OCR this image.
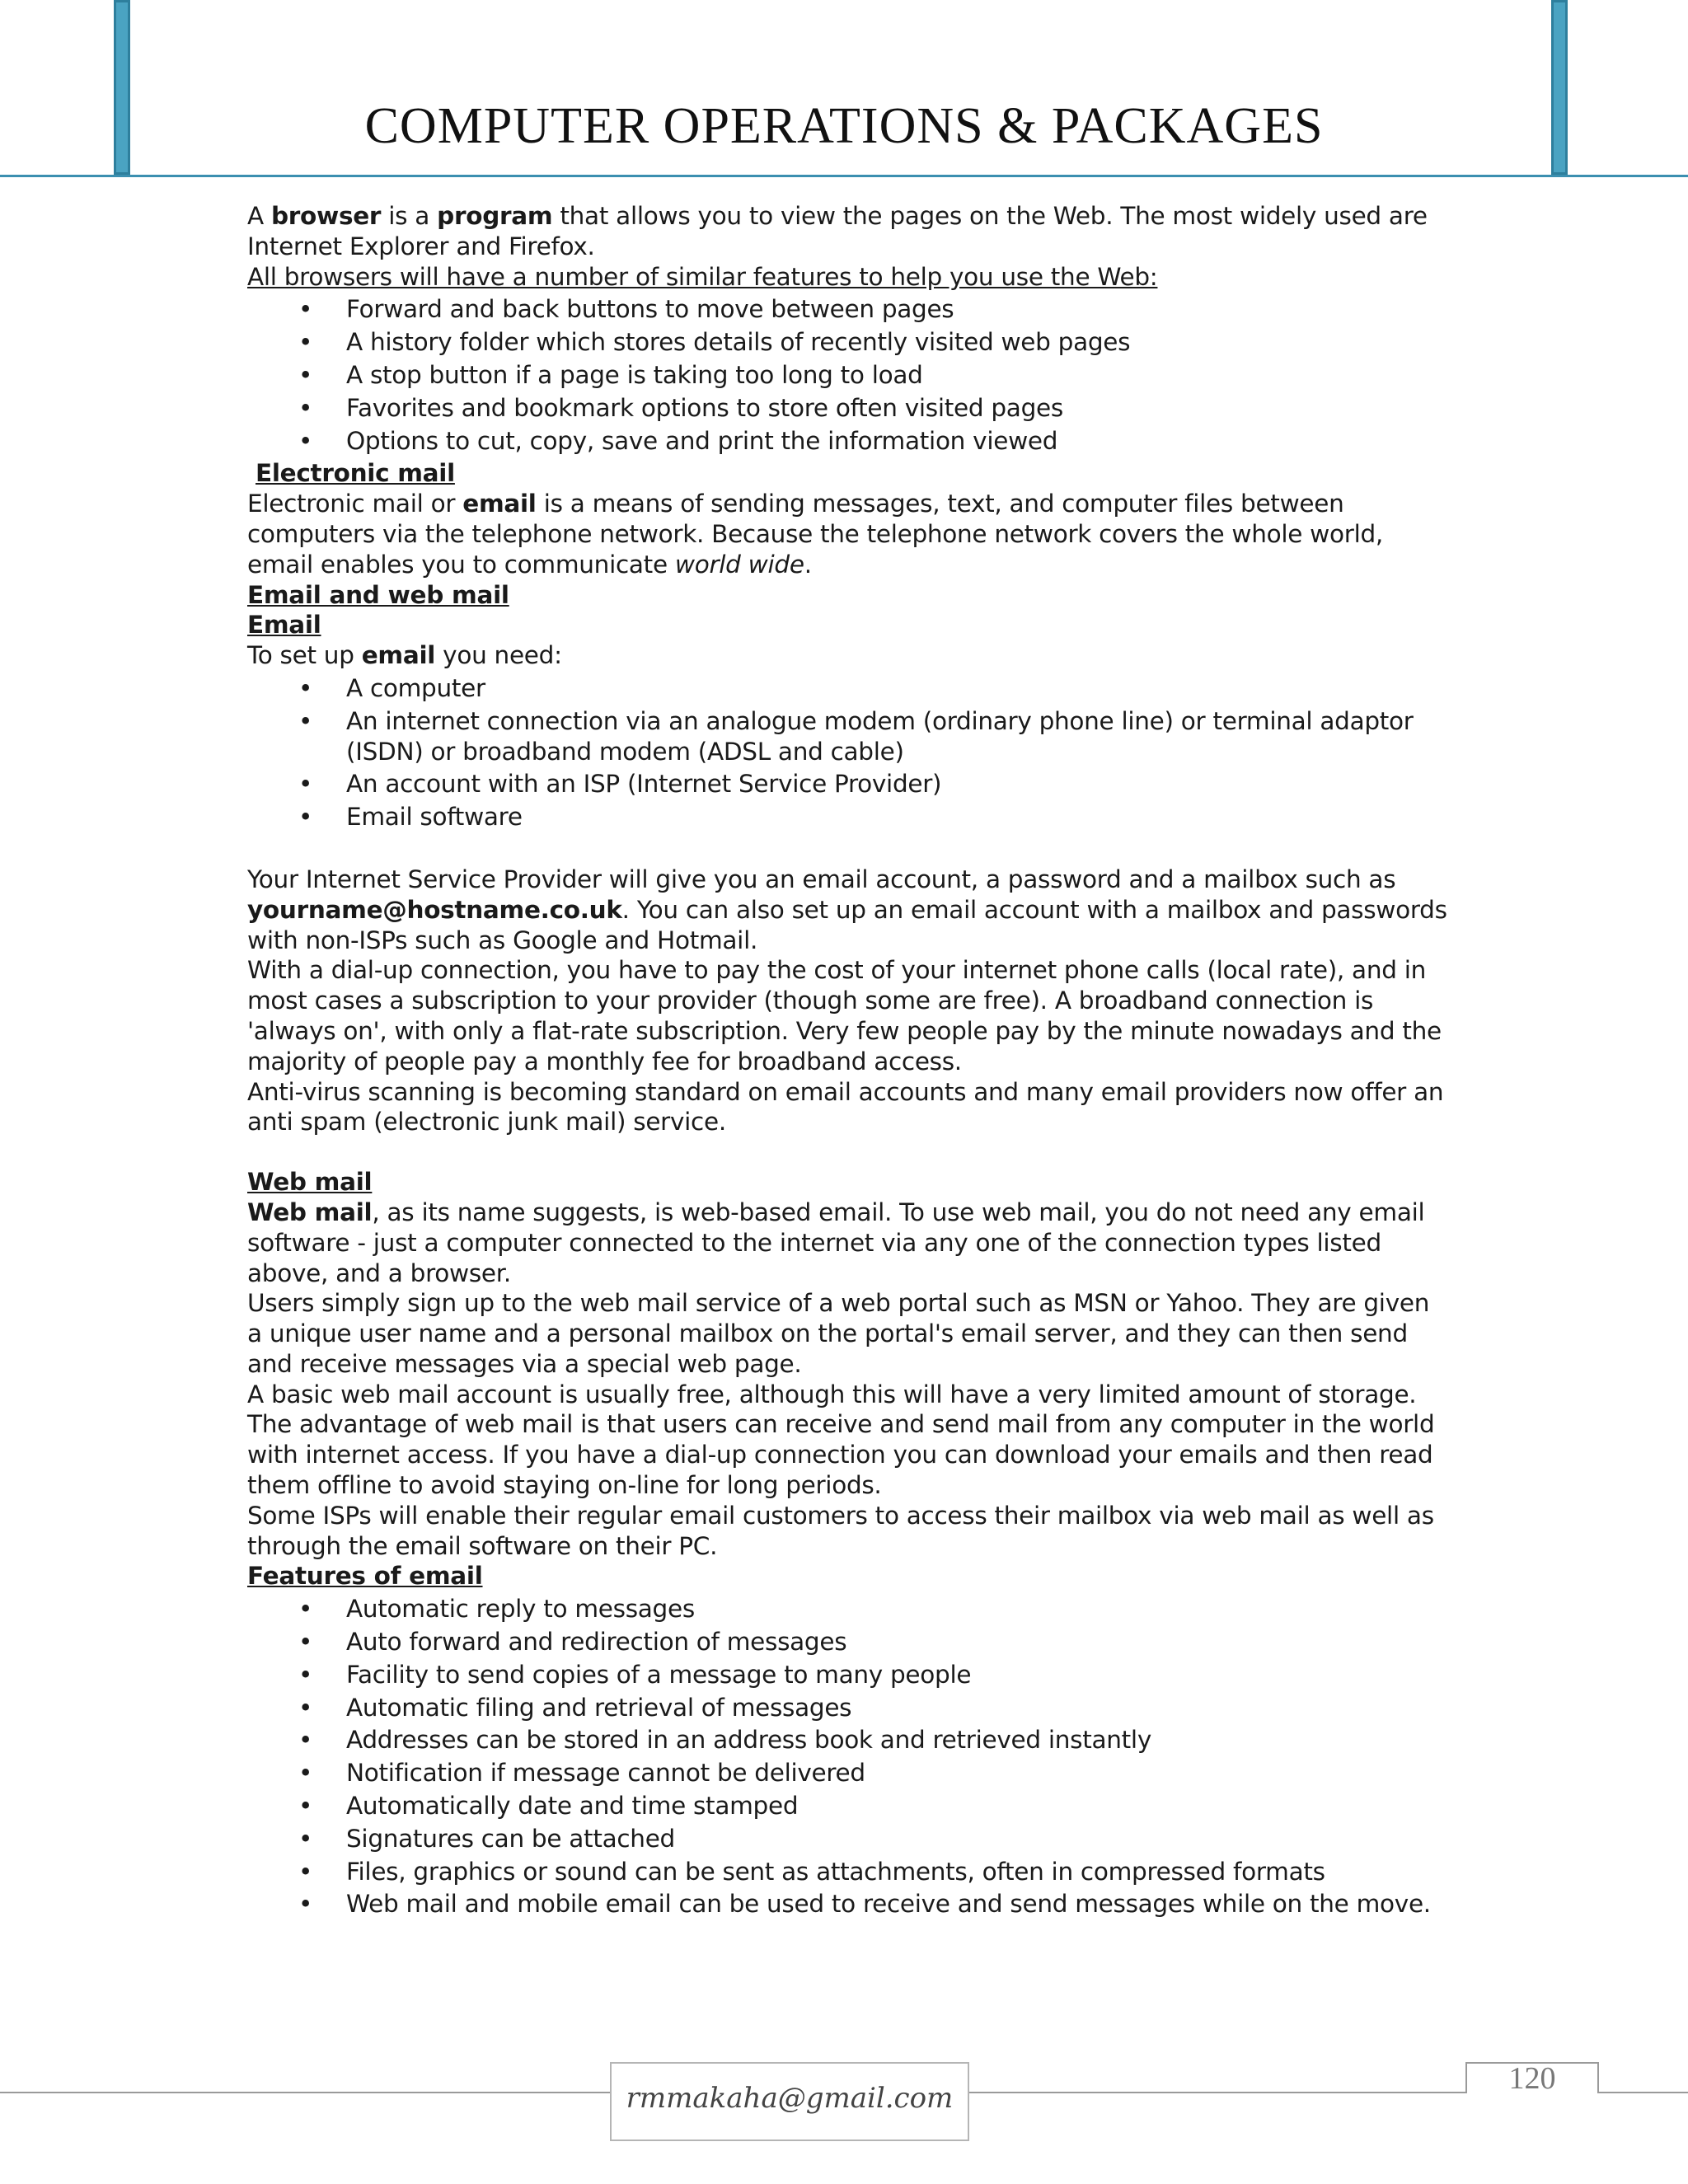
COMPUTER OPERATIONS & PACKAGES

A browser is a program that allows you to view the pages on the Web. The most widely used are Internet Explorer and Firefox.

All browsers will have a number of similar features to help you use the Web:

• Forward and back buttons to move between pages
• A history folder which stores details of recently visited web pages
• A stop button if a page is taking too long to load
• Favorites and bookmark options to store often visited pages
• Options to cut, copy, save and print the information viewed

Electronic mail

Electronic mail or email is a means of sending messages, text, and computer files between computers via the telephone network. Because the telephone network covers the whole world, email enables you to communicate world wide.

Email and web mail

Email

To set up email you need:

• A computer
• An internet connection via an analogue modem (ordinary phone line) or terminal adaptor (ISDN) or broadband modem (ADSL and cable)
• An account with an ISP (Internet Service Provider)
• Email software

Your Internet Service Provider will give you an email account, a password and a mailbox such as yourname@hostname.co.uk. You can also set up an email account with a mailbox and passwords with non-ISPs such as Google and Hotmail.

With a dial-up connection, you have to pay the cost of your internet phone calls (local rate), and in most cases a subscription to your provider (though some are free). A broadband connection is 'always on', with only a flat-rate subscription. Very few people pay by the minute nowadays and the majority of people pay a monthly fee for broadband access.

Anti-virus scanning is becoming standard on email accounts and many email providers now offer an anti spam (electronic junk mail) service.

Web mail

Web mail, as its name suggests, is web-based email. To use web mail, you do not need any email software - just a computer connected to the internet via any one of the connection types listed above, and a browser.

Users simply sign up to the web mail service of a web portal such as MSN or Yahoo. They are given a unique user name and a personal mailbox on the portal's email server, and they can then send and receive messages via a special web page.

A basic web mail account is usually free, although this will have a very limited amount of storage. The advantage of web mail is that users can receive and send mail from any computer in the world with internet access. If you have a dial-up connection you can download your emails and then read them offline to avoid staying on-line for long periods.

Some ISPs will enable their regular email customers to access their mailbox via web mail as well as through the email software on their PC.

Features of email

• Automatic reply to messages
• Auto forward and redirection of messages
• Facility to send copies of a message to many people
• Automatic filing and retrieval of messages
• Addresses can be stored in an address book and retrieved instantly
• Notification if message cannot be delivered
• Automatically date and time stamped
• Signatures can be attached
• Files, graphics or sound can be sent as attachments, often in compressed formats
• Web mail and mobile email can be used to receive and send messages while on the move.
rmmakaha@gmail.com
120
